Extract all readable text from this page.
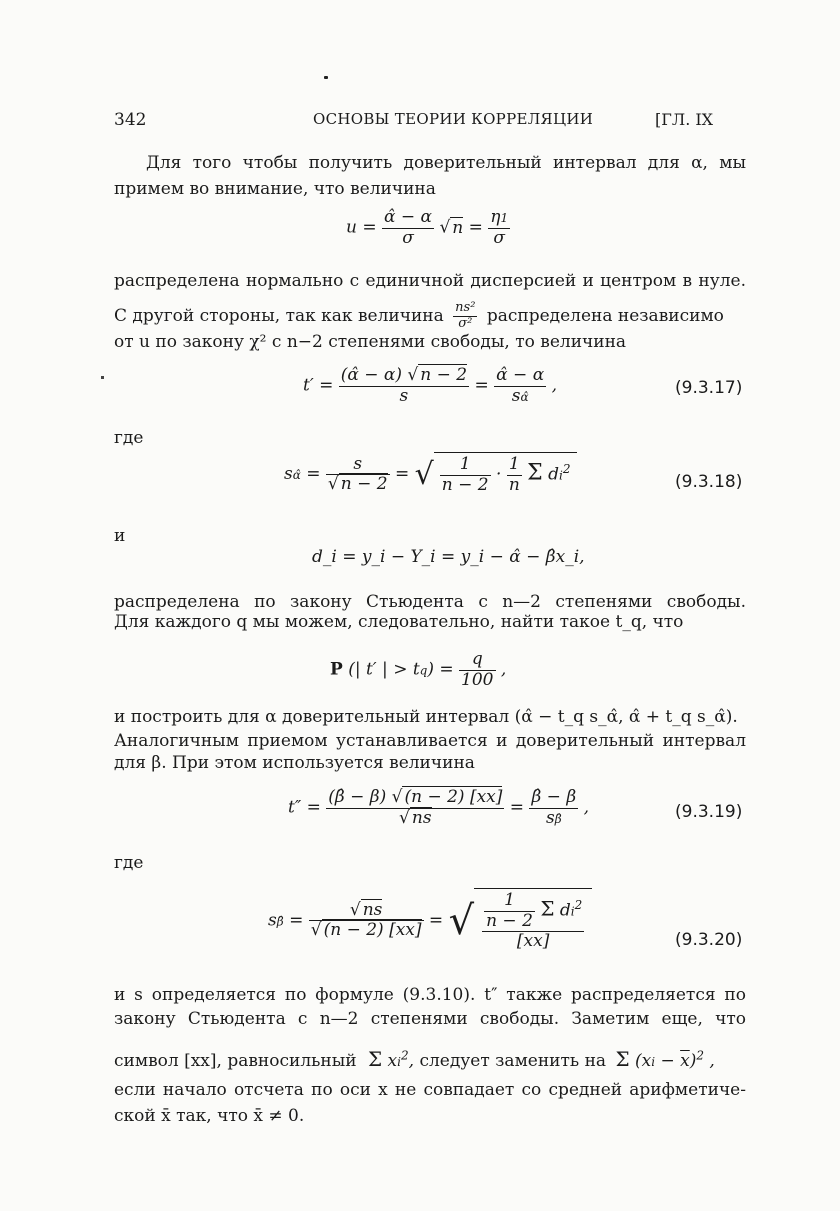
342	ОСНОВЫ ТЕОРИИ КОРРЕЛЯЦИИ	[ГЛ. IX
Для того чтобы получить доверительный интервал для α, мы
примем во внимание, что величина
$u = \frac{\alphâ - \alpha}{\sigma}$ √ $n = \frac{\eta 1}{\sigma}$
распределена нормально с единичной дисперсией и центром в нуле.
С другой стороны, так как величина $\frac{\text{ns²}}{\text{σ²}}$ распределена независимо
от u по закону χ² с n−2 степенями свободы, то величина
$t' = \frac{(\alphâ - \alpha) √ n - 2}{s} = \frac{\alphâ - \alpha}{s\alphâ}$ ,	(9.3.17)
где
sα̂ = $\frac{s}{√ n - 2}$ = √ $\frac{1}{n - 2} \cdot \frac{1}{n}$ Σ $di^2$
(9.3.18)
и
d_i = y_i − Y_i = y_i − α̂ − β̂x_i,
распределена по закону Стьюдента с n—2 степенями свободы.
Для каждого q мы можем, следовательно, найти такое t_q, что
P (| t′ | > $tq) = \frac{q}{100}$ ,
и построить для α доверительный интервал (α̂ − t_q s_α̂, α̂ + t_q s_α̂).
Аналогичным приемом устанавливается и доверительный интервал
для β. При этом используется величина
$t'' = \frac{(\betâ - \beta) √ (n - 2) [xx]}{√ ns} = \frac{\betâ - \beta}{s\betâ}$ ,	(9.3.19)
где
sβ̂ = $\frac{√ ns}{√ (n - 2) [xx]}$ = √ $\frac{\frac{1}{n - 2} \Sigma di^2}{[xx]}$	(9.3.20)
и s определяется по формуле (9.3.10). t″ также распределяется по
закону Стьюдента с n—2 степенями свободы. Заметим еще, что
символ [xx], равносильный Σ $xi^2$, следует заменить на Σ $(xi - \overline{x})^2$ ,
если начало отсчета по оси x не совпадает со средней арифметиче-
ской x̄ так, что x̄ ≠ 0.
